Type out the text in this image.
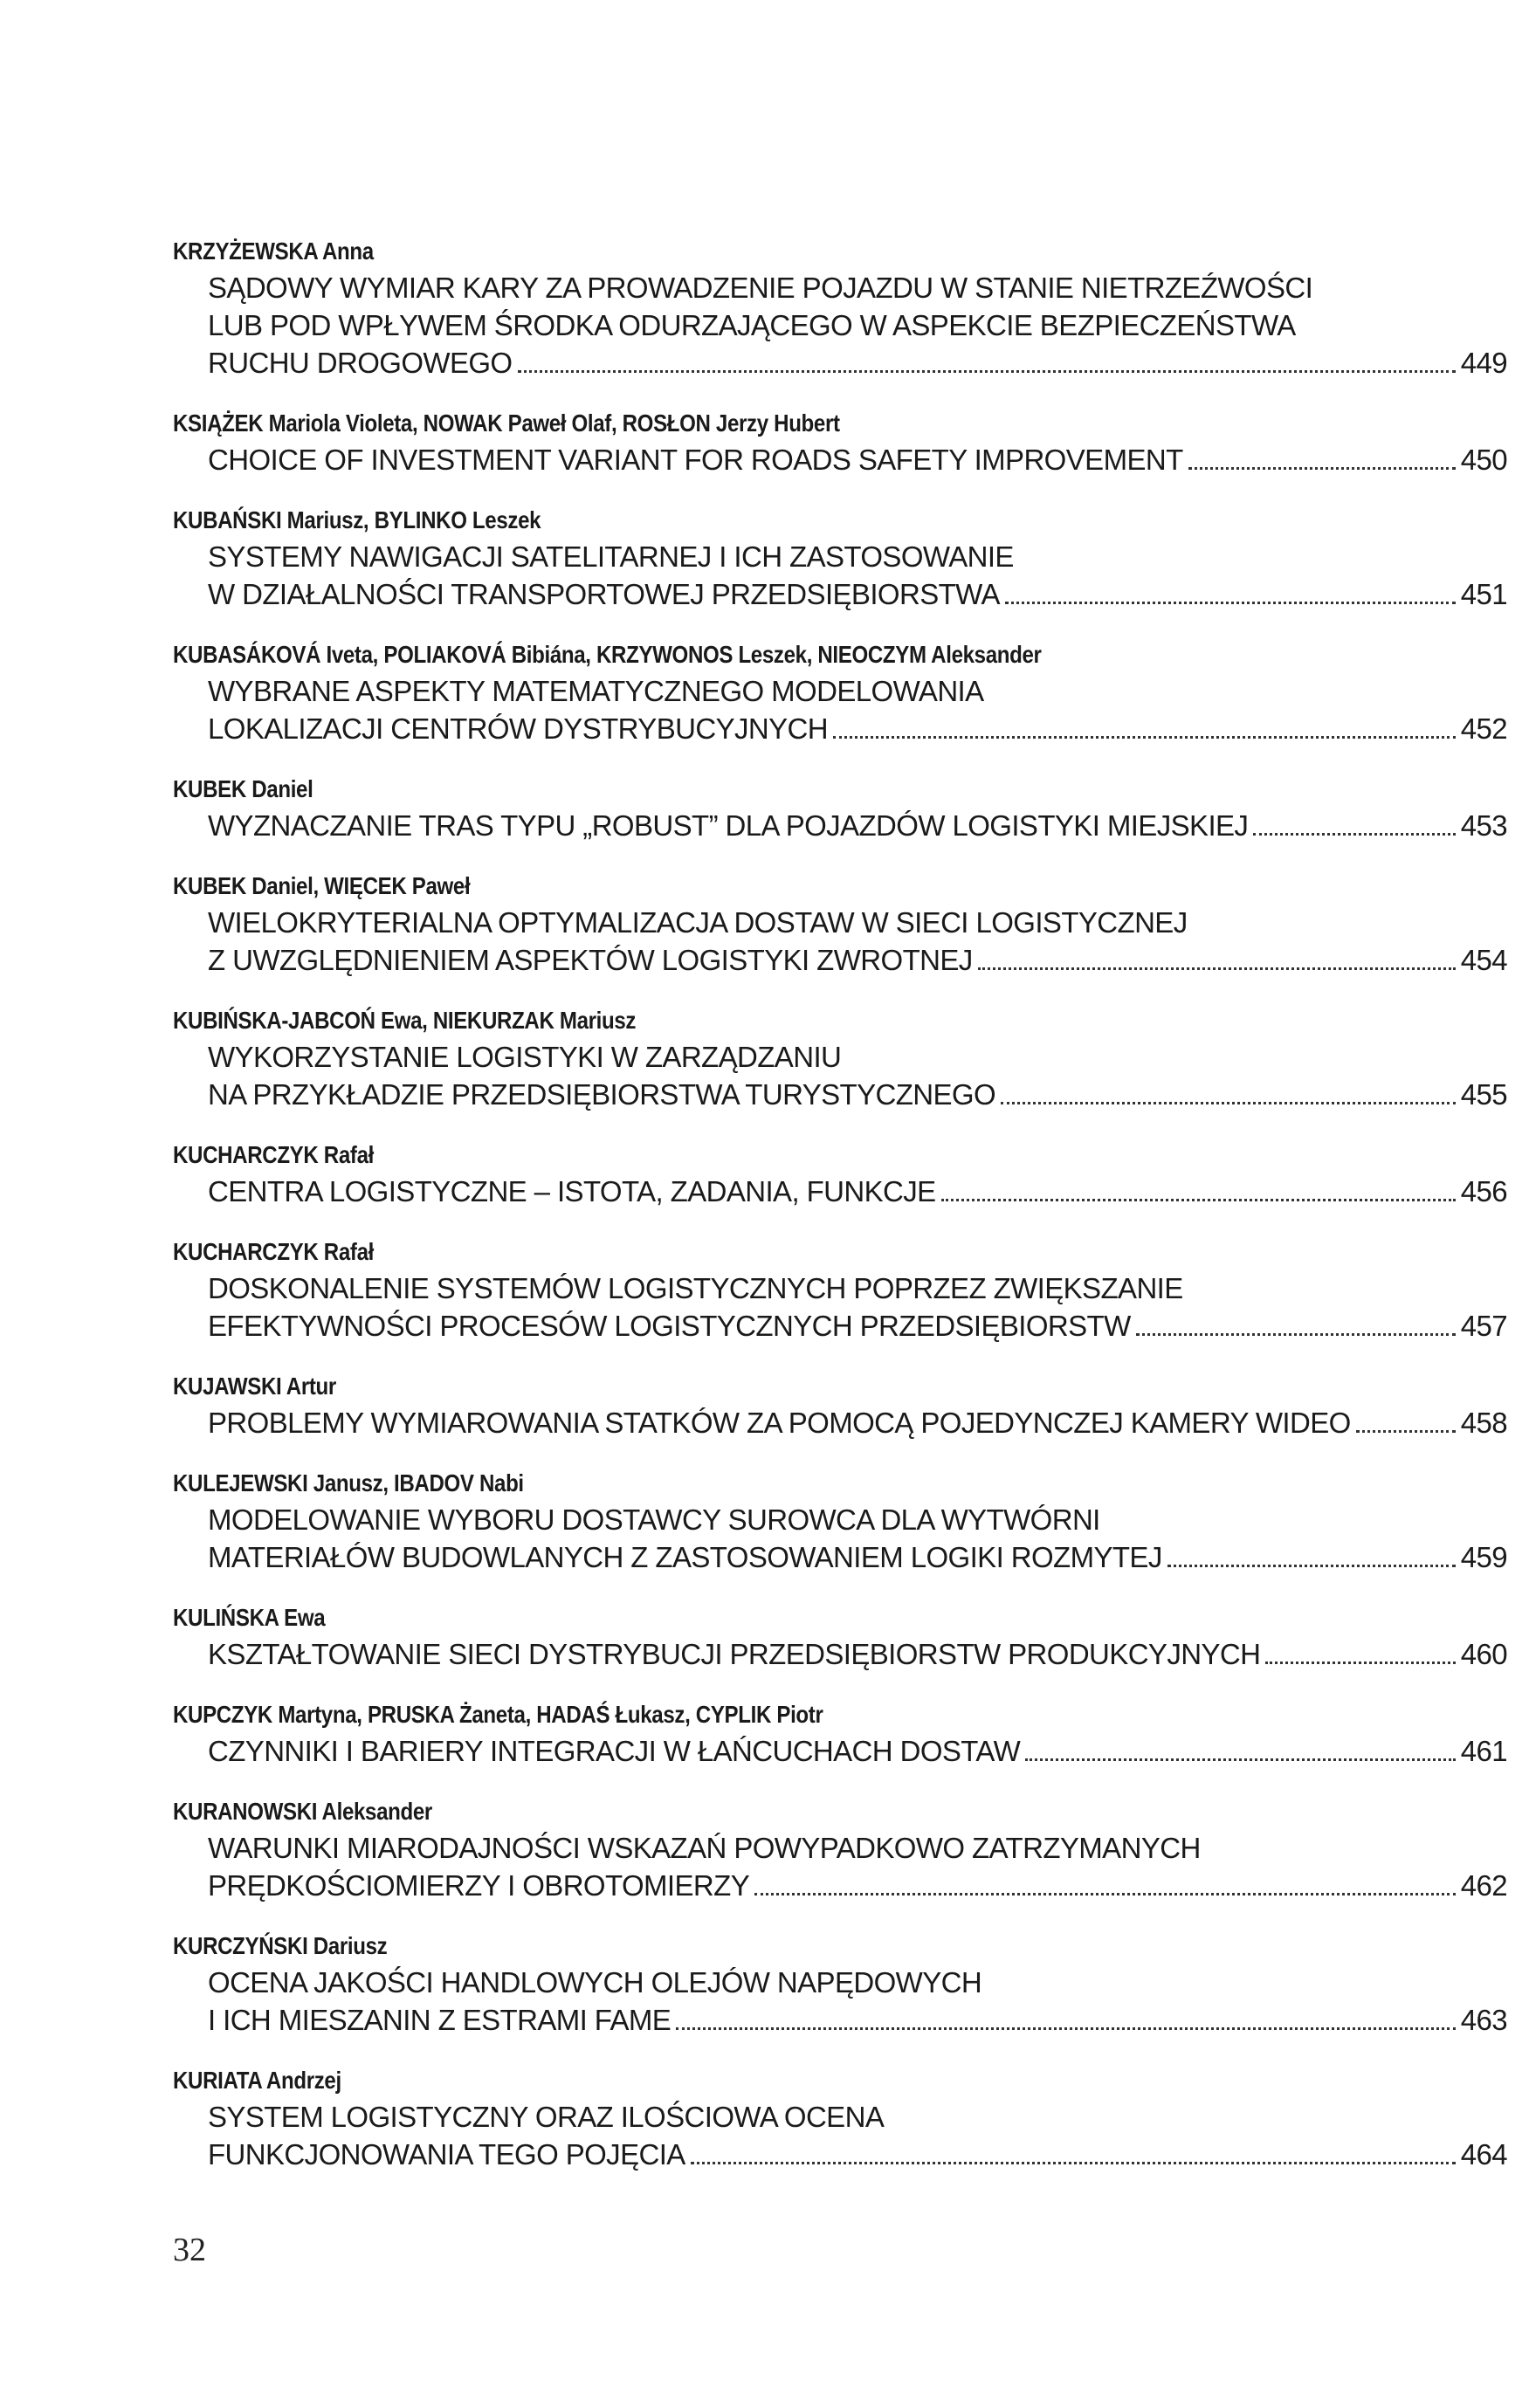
KRZYŻEWSKA Anna
SĄDOWY WYMIAR KARY ZA PROWADZENIE POJAZDU W STANIE NIETRZEŹWOŚCI
LUB POD WPŁYWEM ŚRODKA ODURZAJĄCEGO W ASPEKCIE BEZPIECZEŃSTWA
RUCHU DROGOWEGO	449
KSIĄŻEK Mariola Violeta, NOWAK Paweł Olaf, ROSŁON Jerzy Hubert
CHOICE OF INVESTMENT VARIANT FOR ROADS SAFETY IMPROVEMENT	450
KUBAŃSKI Mariusz, BYLINKO Leszek
SYSTEMY NAWIGACJI SATELITARNEJ I ICH ZASTOSOWANIE
W DZIAŁALNOŚCI TRANSPORTOWEJ PRZEDSIĘBIORSTWA	451
KUBASÁKOVÁ Iveta, POLIAKOVÁ Bibiána, KRZYWONOS Leszek, NIEOCZYM Aleksander
WYBRANE ASPEKTY MATEMATYCZNEGO MODELOWANIA
LOKALIZACJI CENTRÓW DYSTRYBUCYJNYCH	452
KUBEK Daniel
WYZNACZANIE TRAS TYPU „ROBUST” DLA POJAZDÓW LOGISTYKI MIEJSKIEJ	453
KUBEK Daniel, WIĘCEK Paweł
WIELOKRYTERIALNA OPTYMALIZACJA DOSTAW W SIECI LOGISTYCZNEJ
Z UWZGLĘDNIENIEM ASPEKTÓW LOGISTYKI ZWROTNEJ	454
KUBIŃSKA-JABCOŃ Ewa, NIEKURZAK Mariusz
WYKORZYSTANIE LOGISTYKI W ZARZĄDZANIU
NA PRZYKŁADZIE PRZEDSIĘBIORSTWA TURYSTYCZNEGO	455
KUCHARCZYK Rafał
CENTRA LOGISTYCZNE – ISTOTA, ZADANIA, FUNKCJE	456
KUCHARCZYK Rafał
DOSKONALENIE SYSTEMÓW LOGISTYCZNYCH POPRZEZ ZWIĘKSZANIE
EFEKTYWNOŚCI PROCESÓW LOGISTYCZNYCH PRZEDSIĘBIORSTW	457
KUJAWSKI Artur
PROBLEMY WYMIAROWANIA STATKÓW ZA POMOCĄ POJEDYNCZEJ KAMERY WIDEO	458
KULEJEWSKI Janusz, IBADOV Nabi
MODELOWANIE WYBORU DOSTAWCY SUROWCA DLA WYTWÓRNI
MATERIAŁÓW BUDOWLANYCH Z ZASTOSOWANIEM LOGIKI ROZMYTEJ	459
KULIŃSKA Ewa
KSZTAŁTOWANIE SIECI DYSTRYBUCJI PRZEDSIĘBIORSTW PRODUKCYJNYCH	460
KUPCZYK Martyna, PRUSKA Żaneta, HADAŚ Łukasz, CYPLIK Piotr
CZYNNIKI I BARIERY INTEGRACJI W ŁAŃCUCHACH DOSTAW	461
KURANOWSKI Aleksander
WARUNKI MIARODAJNOŚCI WSKAZAŃ POWYPADKOWO ZATRZYMANYCH
PRĘDKOŚCIOMIERZY I OBROTOMIERZY	462
KURCZYŃSKI Dariusz
OCENA JAKOŚCI HANDLOWYCH OLEJÓW NAPĘDOWYCH
I ICH MIESZANIN Z ESTRAMI FAME	463
KURIATA Andrzej
SYSTEM LOGISTYCZNY ORAZ ILOŚCIOWA OCENA
FUNKCJONOWANIA TEGO POJĘCIA	464
32
